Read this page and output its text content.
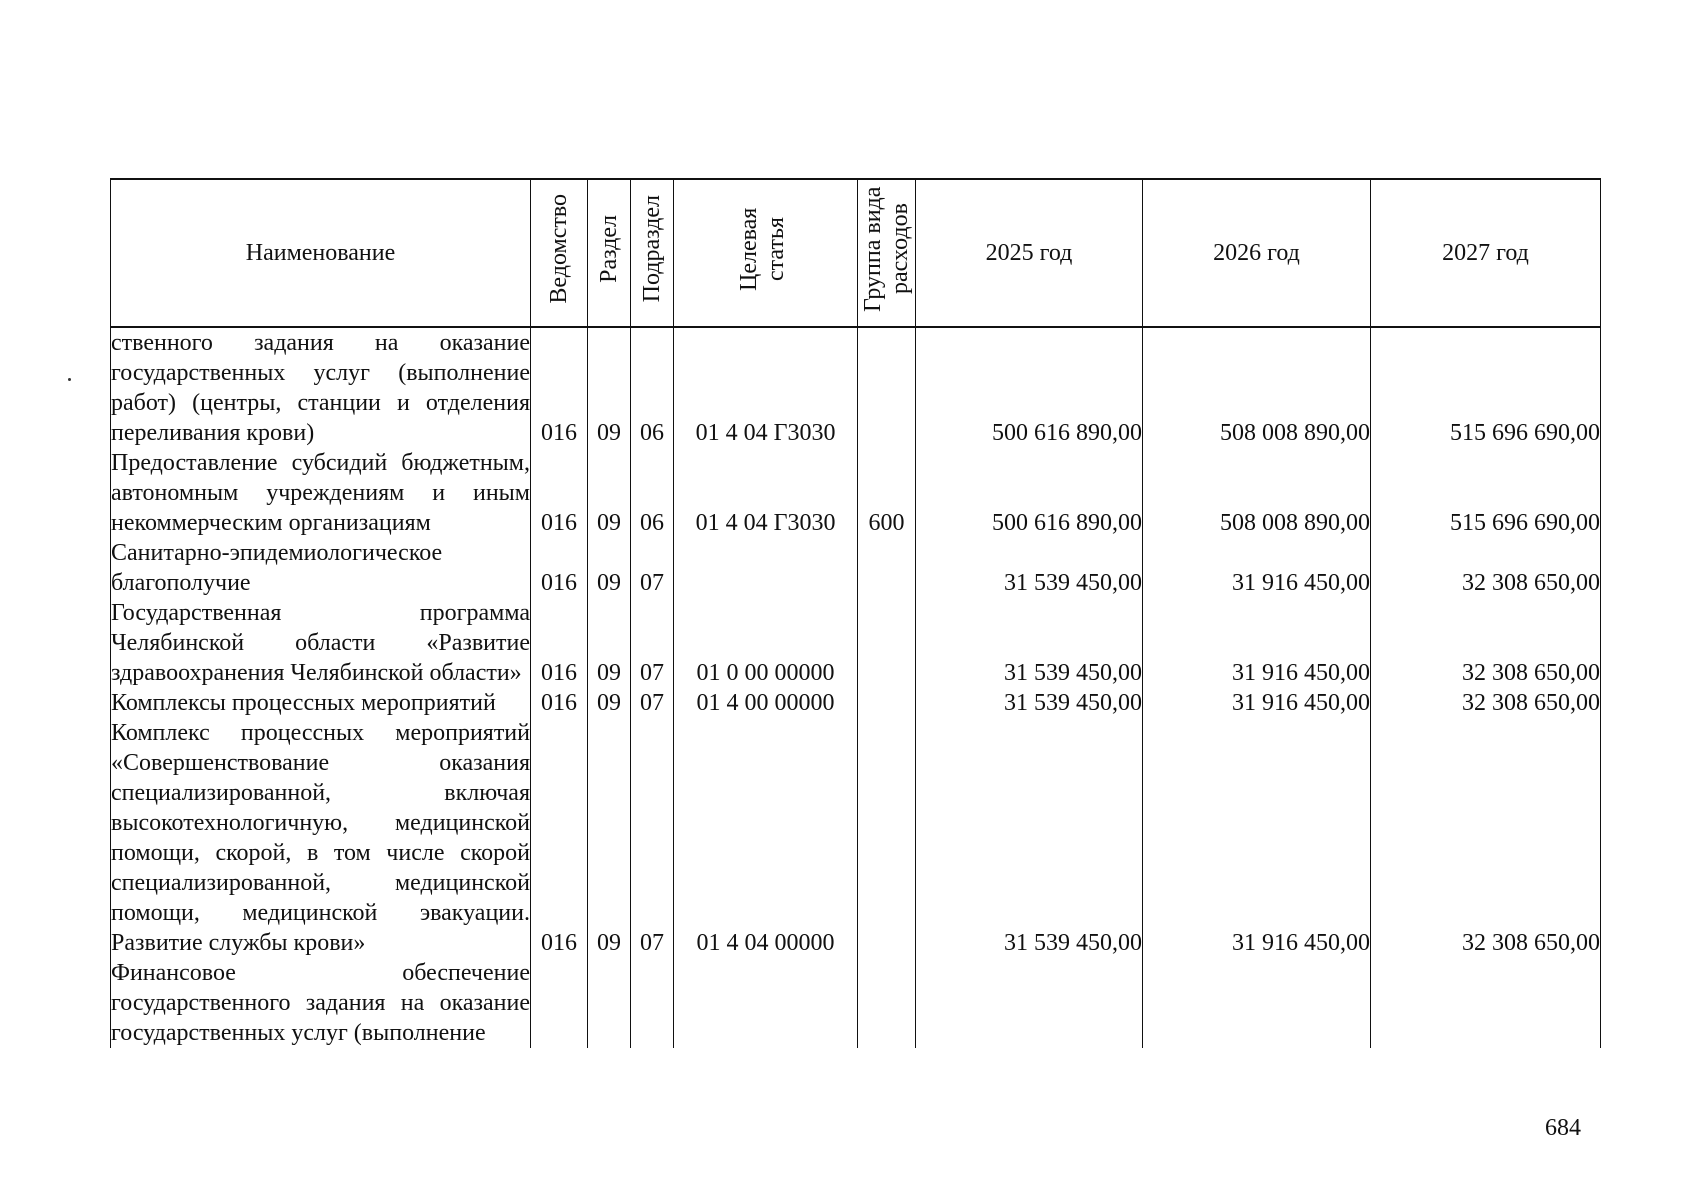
Наименование	Ведомство	Раздел	Подраздел	Целевая статья	Группа вида расходов	2025 год	2026 год	2027 год
ственного задания на оказание государственных услуг (выполнение работ) (центры, станции и отделения переливания крови)	016	09	06	01 4 04 Г3030		500 616 890,00	508 008 890,00	515 696 690,00
Предоставление субсидий бюджетным, автономным учреждениям и иным некоммерческим организациям	016	09	06	01 4 04 Г3030	600	500 616 890,00	508 008 890,00	515 696 690,00
Санитарно-эпидемиологическое благополучие	016	09	07			31 539 450,00	31 916 450,00	32 308 650,00
Государственная программа Челябинской области «Развитие здравоохранения Челябинской области»	016	09	07	01 0 00 00000		31 539 450,00	31 916 450,00	32 308 650,00
Комплексы процессных мероприятий	016	09	07	01 4 00 00000		31 539 450,00	31 916 450,00	32 308 650,00
Комплекс процессных мероприятий «Совершенствование оказания специализированной, включая высокотехнологичную, медицинской помощи, скорой, в том числе скорой специализированной, медицинской помощи, медицинской эвакуации. Развитие службы крови»	016	09	07	01 4 04 00000		31 539 450,00	31 916 450,00	32 308 650,00
Финансовое обеспечение государственного задания на оказание государственных услуг (выполнение								
684
